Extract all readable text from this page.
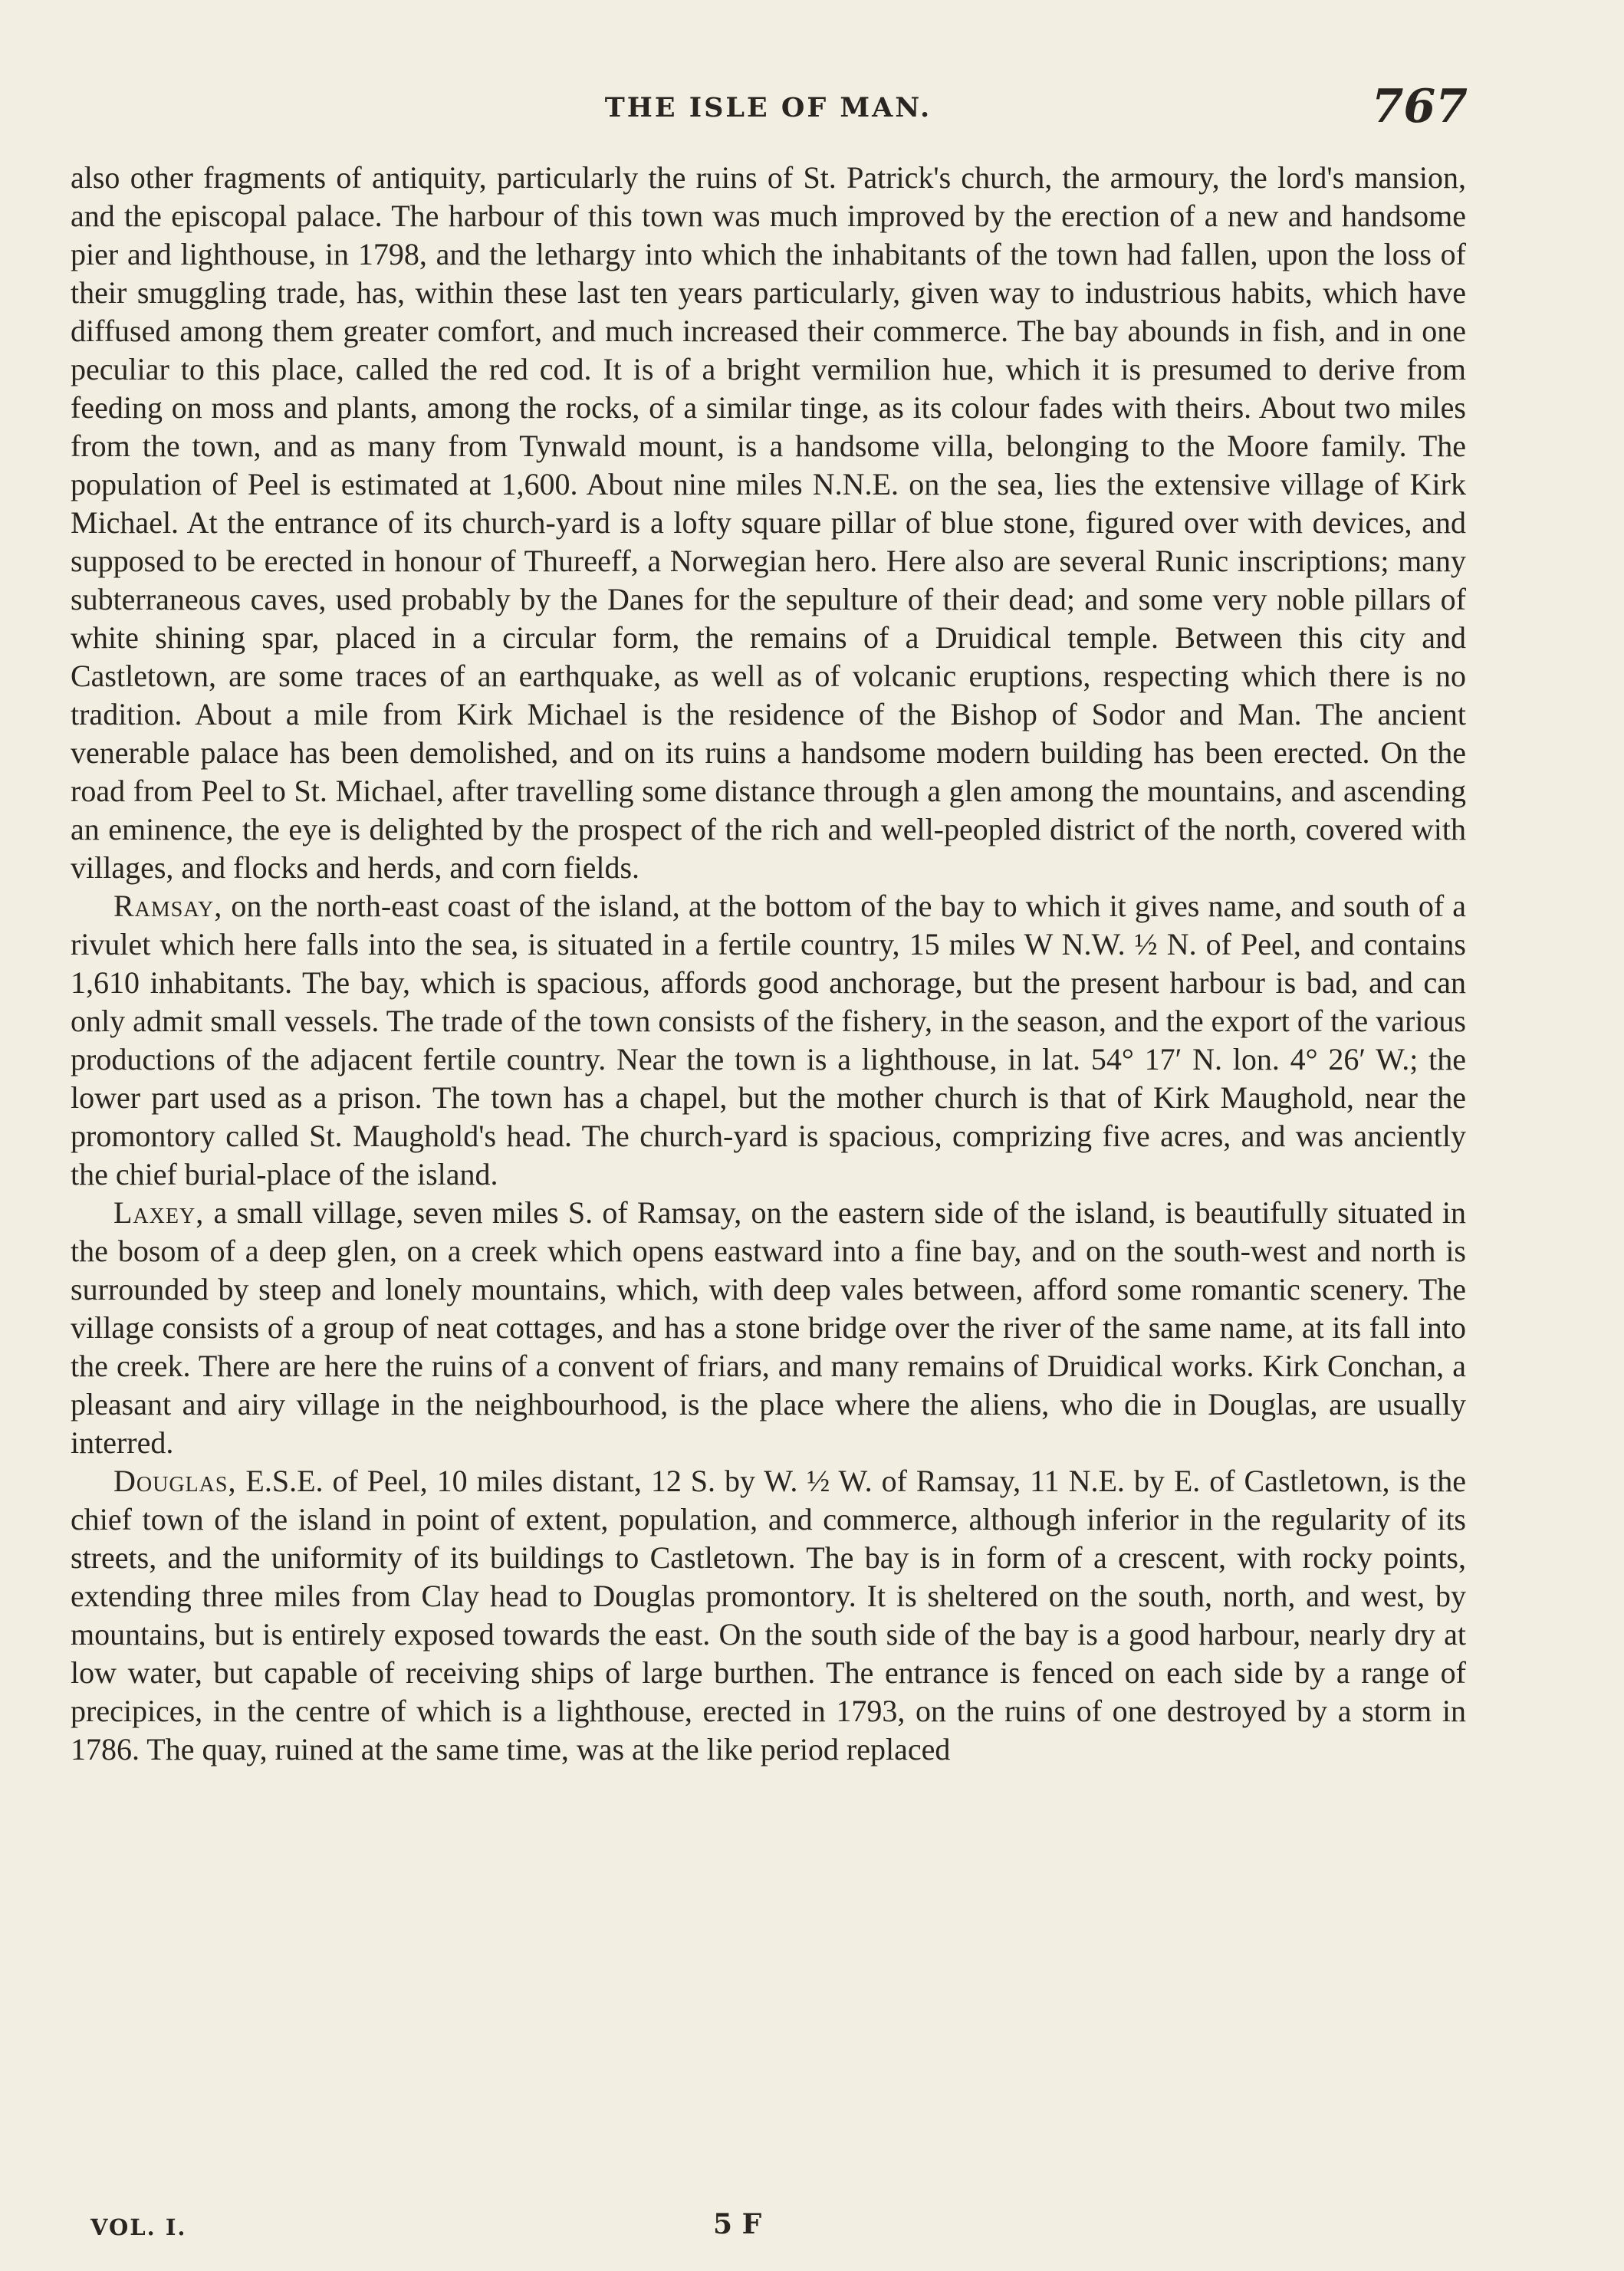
THE ISLE OF MAN.	767

also other fragments of antiquity, particularly the ruins of St. Patrick's church, the armoury, the lord's mansion, and the episcopal palace. The harbour of this town was much improved by the erection of a new and handsome pier and lighthouse, in 1798, and the lethargy into which the inhabitants of the town had fallen, upon the loss of their smuggling trade, has, within these last ten years particularly, given way to industrious habits, which have diffused among them greater comfort, and much increased their commerce. The bay abounds in fish, and in one peculiar to this place, called the red cod. It is of a bright vermilion hue, which it is presumed to derive from feeding on moss and plants, among the rocks, of a similar tinge, as its colour fades with theirs. About two miles from the town, and as many from Tynwald mount, is a handsome villa, belonging to the Moore family. The population of Peel is estimated at 1,600. About nine miles N.N.E. on the sea, lies the extensive village of Kirk Michael. At the entrance of its church-yard is a lofty square pillar of blue stone, figured over with devices, and supposed to be erected in honour of Thureeff, a Norwegian hero. Here also are several Runic inscriptions; many subterraneous caves, used probably by the Danes for the sepulture of their dead; and some very noble pillars of white shining spar, placed in a circular form, the remains of a Druidical temple. Between this city and Castletown, are some traces of an earthquake, as well as of volcanic eruptions, respecting which there is no tradition. About a mile from Kirk Michael is the residence of the Bishop of Sodor and Man. The ancient venerable palace has been demolished, and on its ruins a handsome modern building has been erected. On the road from Peel to St. Michael, after travelling some distance through a glen among the mountains, and ascending an eminence, the eye is delighted by the prospect of the rich and well-peopled district of the north, covered with villages, and flocks and herds, and corn fields.

Ramsay, on the north-east coast of the island, at the bottom of the bay to which it gives name, and south of a rivulet which here falls into the sea, is situated in a fertile country, 15 miles W N.W. ½ N. of Peel, and contains 1,610 inhabitants. The bay, which is spacious, affords good anchorage, but the present harbour is bad, and can only admit small vessels. The trade of the town consists of the fishery, in the season, and the export of the various productions of the adjacent fertile country. Near the town is a lighthouse, in lat. 54° 17′ N. lon. 4° 26′ W.; the lower part used as a prison. The town has a chapel, but the mother church is that of Kirk Maughold, near the promontory called St. Maughold's head. The church-yard is spacious, comprizing five acres, and was anciently the chief burial-place of the island.

Laxey, a small village, seven miles S. of Ramsay, on the eastern side of the island, is beautifully situated in the bosom of a deep glen, on a creek which opens eastward into a fine bay, and on the south-west and north is surrounded by steep and lonely mountains, which, with deep vales between, afford some romantic scenery. The village consists of a group of neat cottages, and has a stone bridge over the river of the same name, at its fall into the creek. There are here the ruins of a convent of friars, and many remains of Druidical works. Kirk Conchan, a pleasant and airy village in the neighbourhood, is the place where the aliens, who die in Douglas, are usually interred.

Douglas, E.S.E. of Peel, 10 miles distant, 12 S. by W. ½ W. of Ramsay, 11 N.E. by E. of Castletown, is the chief town of the island in point of extent, population, and commerce, although inferior in the regularity of its streets, and the uniformity of its buildings to Castletown. The bay is in form of a crescent, with rocky points, extending three miles from Clay head to Douglas promontory. It is sheltered on the south, north, and west, by mountains, but is entirely exposed towards the east. On the south side of the bay is a good harbour, nearly dry at low water, but capable of receiving ships of large burthen. The entrance is fenced on each side by a range of precipices, in the centre of which is a lighthouse, erected in 1793, on the ruins of one destroyed by a storm in 1786. The quay, ruined at the same time, was at the like period replaced

VOL. I.	5 F
